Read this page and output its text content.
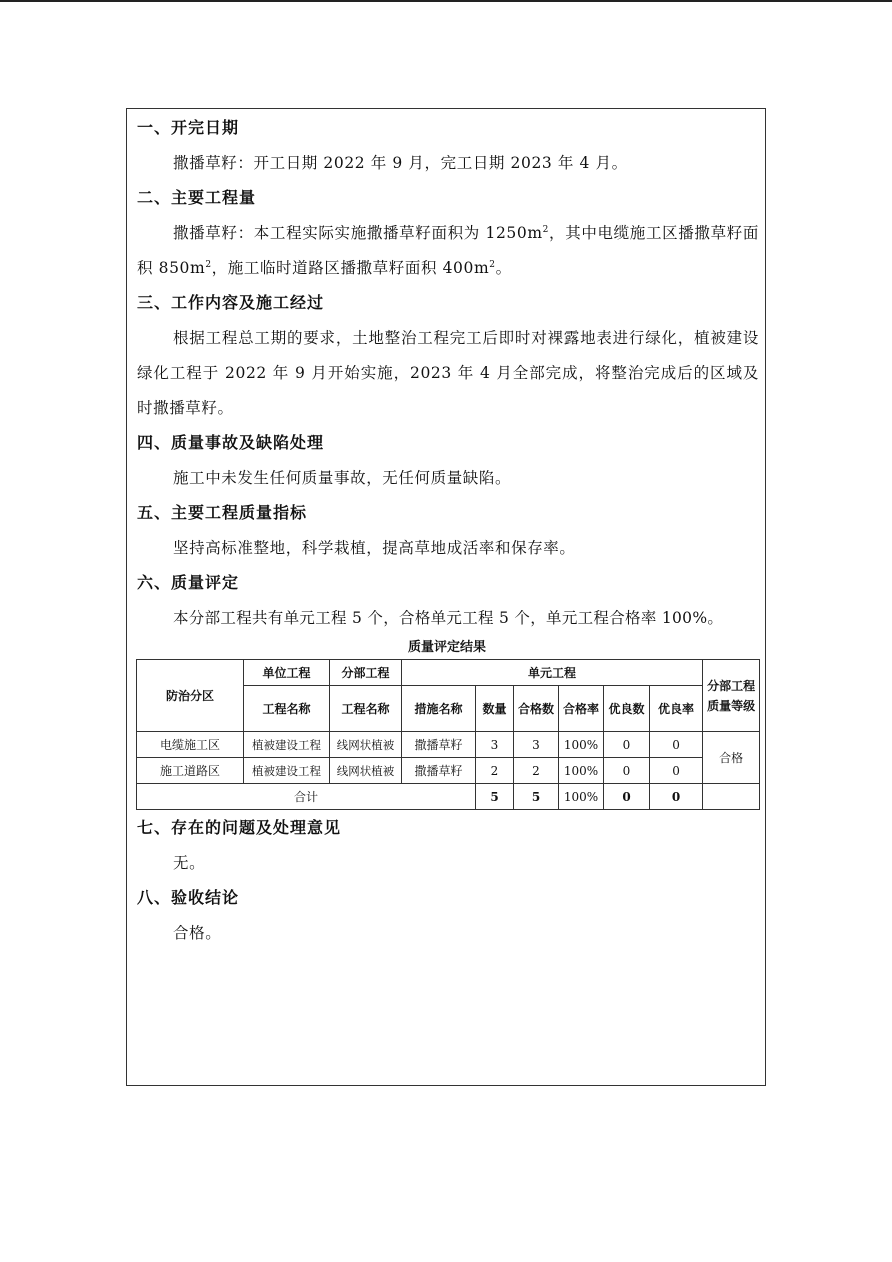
一、开完日期
撒播草籽：开工日期 2022 年 9 月，完工日期 2023 年 4 月。
二、主要工程量
撒播草籽：本工程实际实施撒播草籽面积为 $1250m^2$，其中电缆施工区播撒草籽面积 $850m^2$，施工临时道路区播撒草籽面积 $400m^2$。
三、工作内容及施工经过
根据工程总工期的要求，土地整治工程完工后即时对裸露地表进行绿化，植被建设绿化工程于 2022 年 9 月开始实施，2023 年 4 月全部完成，将整治完成后的区域及时撒播草籽。
四、质量事故及缺陷处理
施工中未发生任何质量事故，无任何质量缺陷。
五、主要工程质量指标
坚持高标准整地，科学栽植，提高草地成活率和保存率。
六、质量评定
本分部工程共有单元工程 5 个，合格单元工程 5 个，单元工程合格率 100%。
质量评定结果
防治分区	单位工程	分部工程	单元工程						分部工程质量等级
	工程名称	工程名称	措施名称	数量	合格数	合格率	优良数	优良率	
电缆施工区	植被建设工程	线网状植被	撒播草籽	3	3	100%	0	0	合格
施工道路区	植被建设工程	线网状植被	撒播草籽	2	2	100%	0	0	
合计				5	5	100%	0	0	
七、存在的问题及处理意见
无。
八、验收结论
合格。
